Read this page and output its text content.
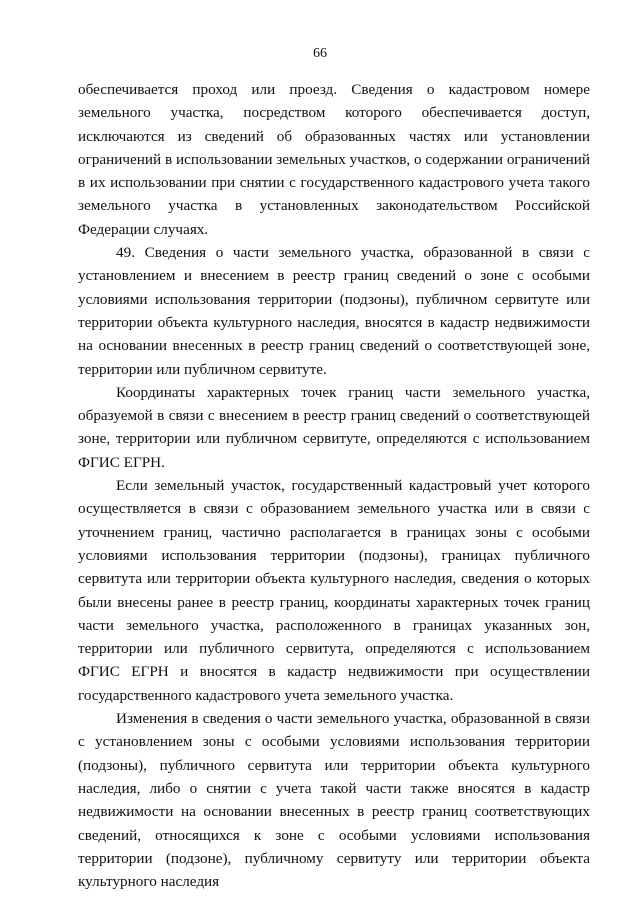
66

обеспечивается проход или проезд. Сведения о кадастровом номере земельного участка, посредством которого обеспечивается доступ, исключаются из сведений об образованных частях или установлении ограничений в использовании земельных участков, о содержании ограничений в их использовании при снятии с государственного кадастрового учета такого земельного участка в установленных законодательством Российской Федерации случаях.

49. Сведения о части земельного участка, образованной в связи с установлением и внесением в реестр границ сведений о зоне с особыми условиями использования территории (подзоны), публичном сервитуте или территории объекта культурного наследия, вносятся в кадастр недвижимости на основании внесенных в реестр границ сведений о соответствующей зоне, территории или публичном сервитуте.

Координаты характерных точек границ части земельного участка, образуемой в связи с внесением в реестр границ сведений о соответствующей зоне, территории или публичном сервитуте, определяются с использованием ФГИС ЕГРН.

Если земельный участок, государственный кадастровый учет которого осуществляется в связи с образованием земельного участка или в связи с уточнением границ, частично располагается в границах зоны с особыми условиями использования территории (подзоны), границах публичного сервитута или территории объекта культурного наследия, сведения о которых были внесены ранее в реестр границ, координаты характерных точек границ части земельного участка, расположенного в границах указанных зон, территории или публичного сервитута, определяются с использованием ФГИС ЕГРН и вносятся в кадастр недвижимости при осуществлении государственного кадастрового учета земельного участка.

Изменения в сведения о части земельного участка, образованной в связи с установлением зоны с особыми условиями использования территории (подзоны), публичного сервитута или территории объекта культурного наследия, либо о снятии с учета такой части также вносятся в кадастр недвижимости на основании внесенных в реестр границ соответствующих сведений, относящихся к зоне с особыми условиями использования территории (подзоне), публичному сервитуту или территории объекта культурного наследия
